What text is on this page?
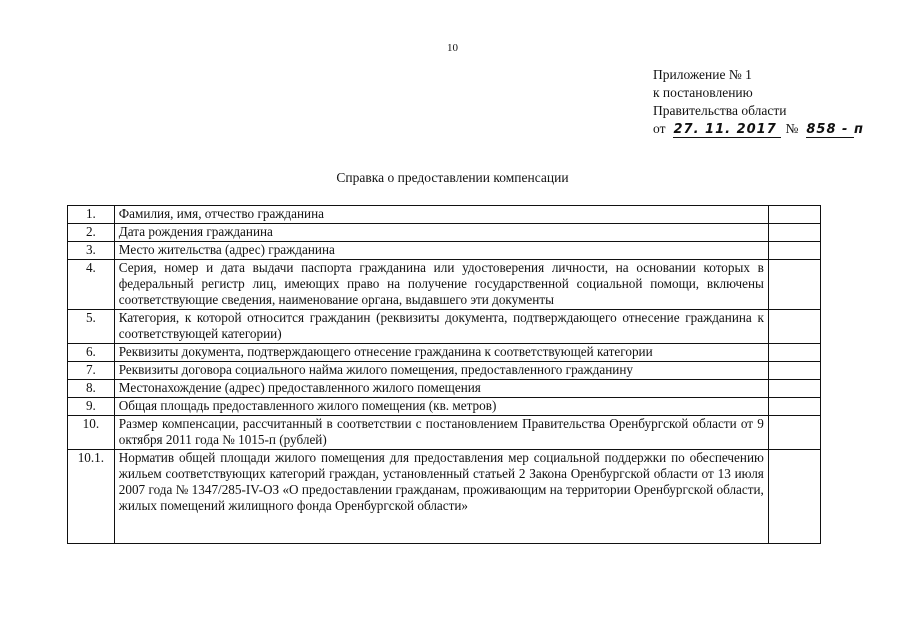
10
Приложение № 1
к постановлению
Правительства области
от 27. 11. 2017 № 858 - п
Справка о предоставлении компенсации
1.	Фамилия, имя, отчество гражданина	
2.	Дата рождения гражданина	
3.	Место жительства (адрес) гражданина	
4.	Серия, номер и дата выдачи паспорта гражданина или удостоверения личности, на основании которых в федеральный регистр лиц, имеющих право на получение государственной социальной помощи, включены соответствующие сведения, наименование органа, выдавшего эти документы	
5.	Категория, к которой относится гражданин (реквизиты документа, подтверждающего отнесение гражданина к соответствующей категории)	
6.	Реквизиты документа, подтверждающего отнесение гражданина к соответствующей категории	
7.	Реквизиты договора социального найма жилого помещения, предоставленного гражданину	
8.	Местонахождение (адрес) предоставленного жилого помещения	
9.	Общая площадь предоставленного жилого помещения (кв. метров)	
10.	Размер компенсации, рассчитанный в соответствии с постановлением Правительства Оренбургской области от 9 октября 2011 года № 1015-п (рублей)	
10.1.	Норматив общей площади жилого помещения для предоставления мер социальной поддержки по обеспечению жильем соответствующих категорий граждан, установленный статьей 2 Закона Оренбургской области от 13 июля 2007 года № 1347/285-IV-ОЗ «О предоставлении гражданам, проживающим на территории Оренбургской области, жилых помещений жилищного фонда Оренбургской области»	
